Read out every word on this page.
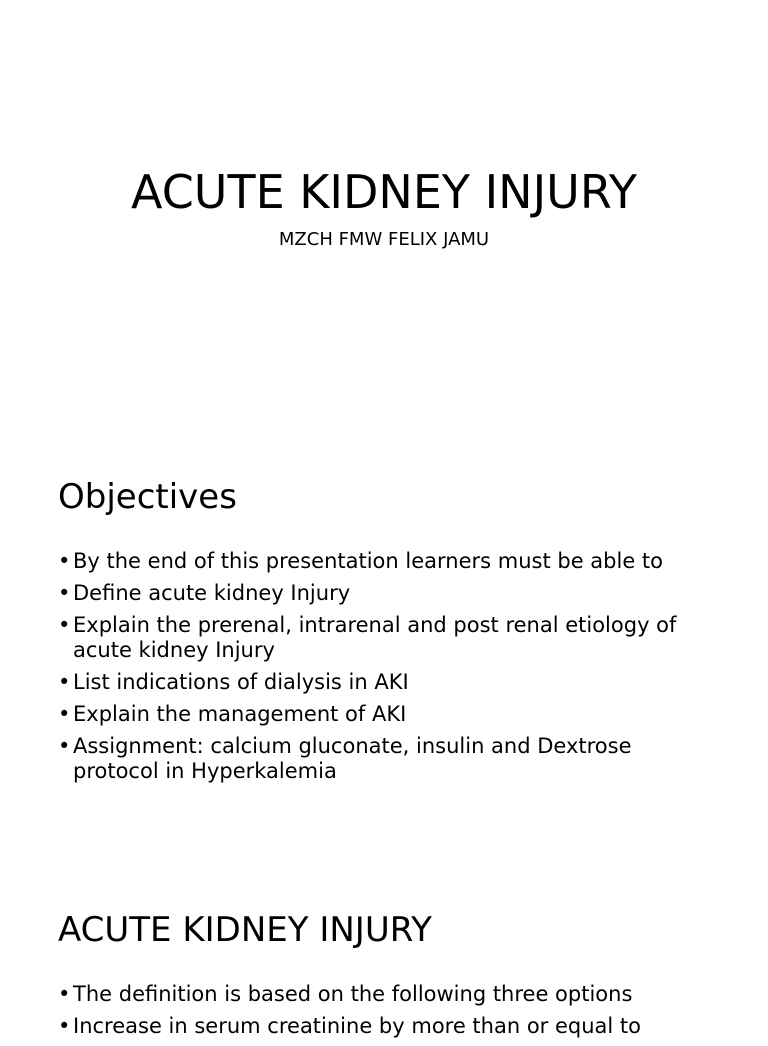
ACUTE KIDNEY INJURY

MZCH FMW FELIX JAMU

Objectives
• By the end of this presentation learners must be able to
• Define acute kidney Injury
• Explain the prerenal, intrarenal and post renal etiology of acute kidney Injury
• List indications of dialysis in AKI
• Explain the management of AKI
• Assignment: calcium gluconate, insulin and Dextrose protocol in Hyperkalemia
ACUTE KIDNEY INJURY
• The definition is based on the following three options
• Increase in serum creatinine by more than or equal to
